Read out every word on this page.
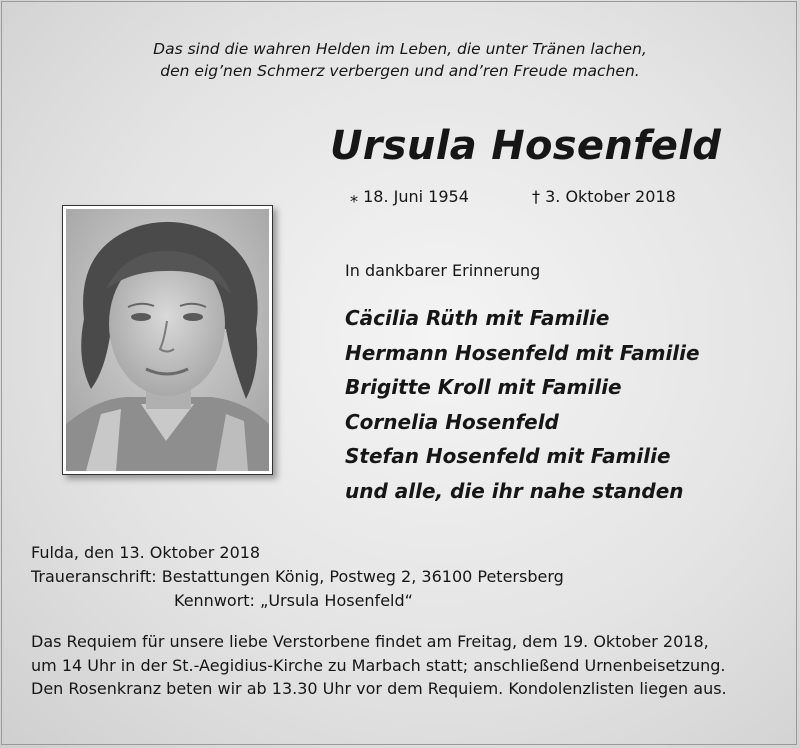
Das sind die wahren Helden im Leben, die unter Tränen lachen,
den eig’nen Schmerz verbergen und and’ren Freude machen.
Ursula Hosenfeld
⁎ 18. Juni 1954	† 3. Oktober 2018
In dankbarer Erinnerung
Cäcilia Rüth mit Familie
Hermann Hosenfeld mit Familie
Brigitte Kroll mit Familie
Cornelia Hosenfeld
Stefan Hosenfeld mit Familie
und alle, die ihr nahe standen
Fulda, den 13. Oktober 2018
Traueranschrift: Bestattungen König, Postweg 2, 36100 Petersberg
Kennwort: „Ursula Hosenfeld“
Das Requiem für unsere liebe Verstorbene findet am Freitag, dem 19. Oktober 2018,
um 14 Uhr in der St.-Aegidius-Kirche zu Marbach statt; anschließend Urnenbeisetzung.
Den Rosenkranz beten wir ab 13.30 Uhr vor dem Requiem. Kondolenzlisten liegen aus.
